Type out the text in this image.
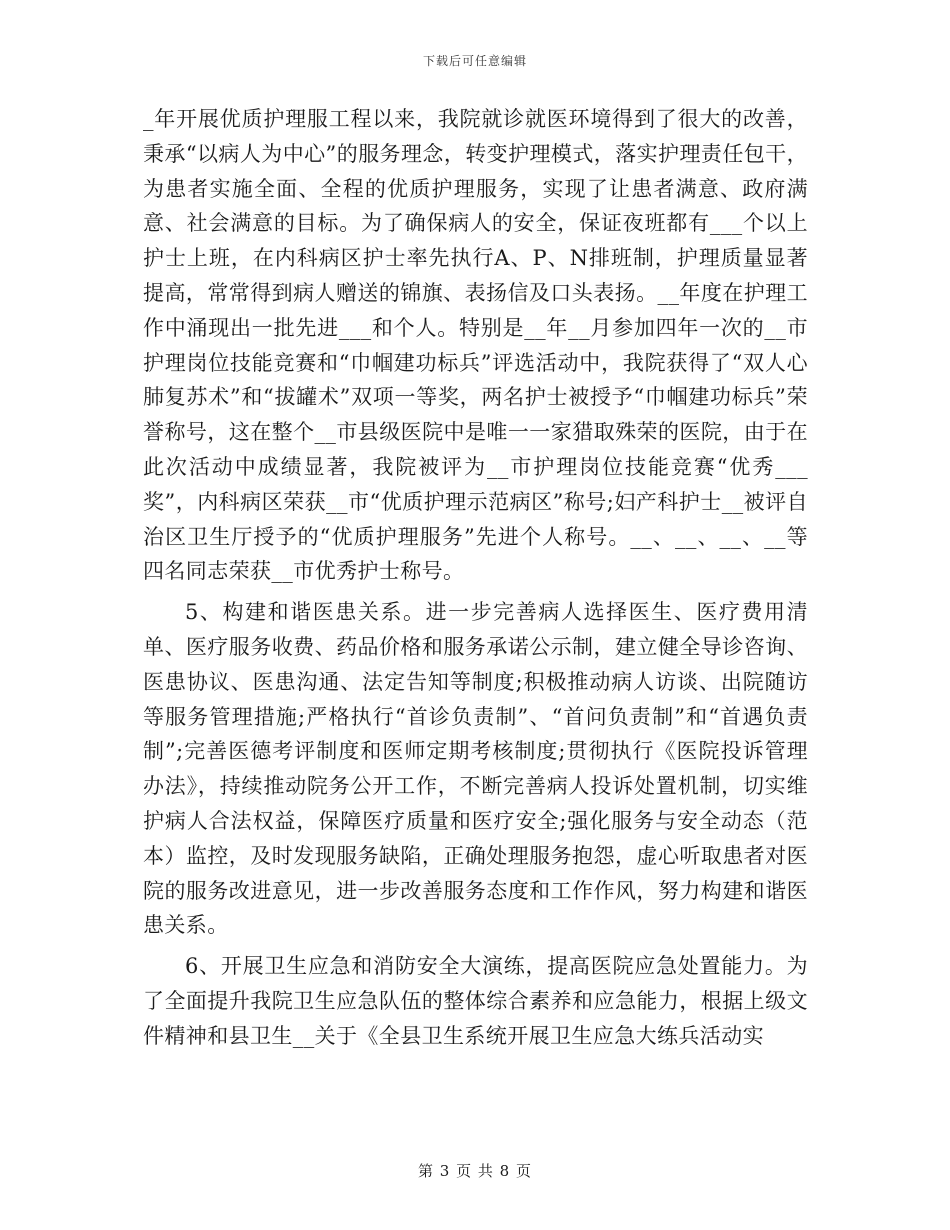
下载后可任意编辑

_年开展优质护理服工程以来，我院就诊就医环境得到了很大的改善，秉承“以病人为中心”的服务理念，转变护理模式，落实护理责任包干，为患者实施全面、全程的优质护理服务，实现了让患者满意、政府满意、社会满意的目标。为了确保病人的安全，保证夜班都有___个以上护士上班，在内科病区护士率先执行A、P、N排班制，护理质量显著提高，常常得到病人赠送的锦旗、表扬信及口头表扬。__年度在护理工作中涌现出一批先进___和个人。特别是__年__月参加四年一次的__市护理岗位技能竞赛和“巾帼建功标兵”评选活动中，我院获得了“双人心肺复苏术”和“拔罐术”双项一等奖，两名护士被授予“巾帼建功标兵”荣誉称号，这在整个__市县级医院中是唯一一家猎取殊荣的医院，由于在此次活动中成绩显著，我院被评为__市护理岗位技能竞赛“优秀___奖”，内科病区荣获__市“优质护理示范病区”称号;妇产科护士__被评自治区卫生厅授予的“优质护理服务”先进个人称号。__、__、__、__等四名同志荣获__市优秀护士称号。

5、构建和谐医患关系。进一步完善病人选择医生、医疗费用清单、医疗服务收费、药品价格和服务承诺公示制，建立健全导诊咨询、医患协议、医患沟通、法定告知等制度;积极推动病人访谈、出院随访等服务管理措施;严格执行“首诊负责制”、“首问负责制”和“首遇负责制”;完善医德考评制度和医师定期考核制度;贯彻执行《医院投诉管理办法》，持续推动院务公开工作，不断完善病人投诉处置机制，切实维护病人合法权益，保障医疗质量和医疗安全;强化服务与安全动态（范本）监控，及时发现服务缺陷，正确处理服务抱怨，虚心听取患者对医院的服务改进意见，进一步改善服务态度和工作作风，努力构建和谐医患关系。

6、开展卫生应急和消防安全大演练，提高医院应急处置能力。为了全面提升我院卫生应急队伍的整体综合素养和应急能力，根据上级文件精神和县卫生__关于《全县卫生系统开展卫生应急大练兵活动实

第 3 页 共 8 页
